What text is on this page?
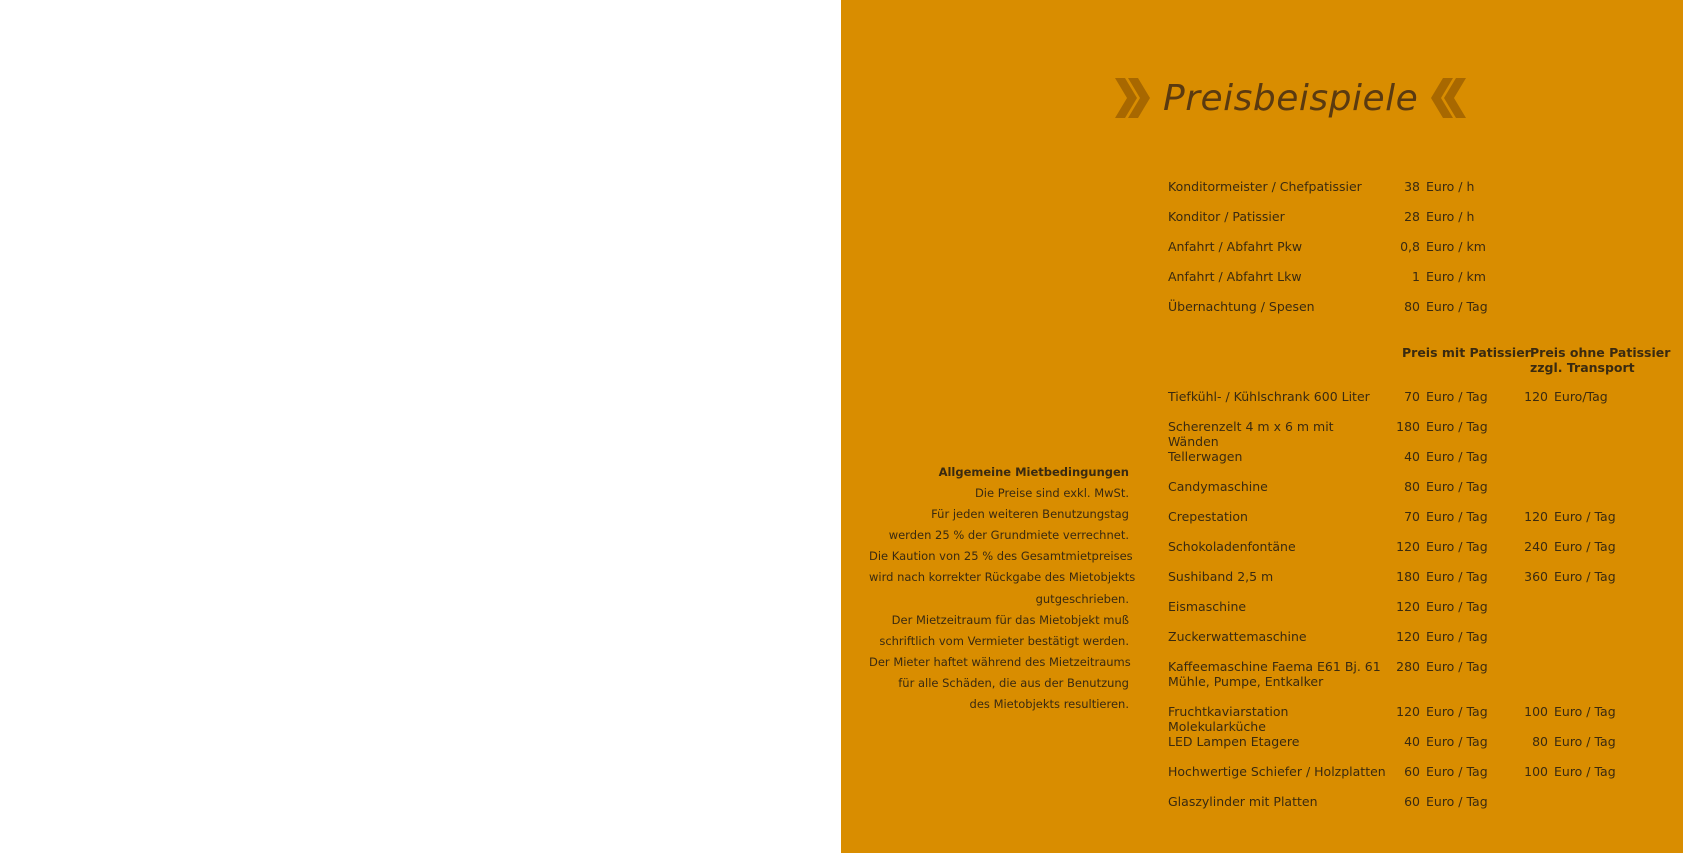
Preisbeispiele
Konditormeister / Chefpatissier	38 Euro / h
Konditor / Patissier	28 Euro / h
Anfahrt / Abfahrt Pkw	0,8 Euro / km
Anfahrt / Abfahrt Lkw	1 Euro / km
Übernachtung / Spesen	80 Euro / Tag
Preis mit Patissier Preis ohne Patissier
zzgl. Transport
Tiefkühl- / Kühlschrank 600 Liter	70 Euro / Tag	120 Euro/Tag
Scherenzelt 4 m x 6 m mit Wänden
180 Euro / Tag
Tellerwagen	40 Euro / Tag
Candymaschine	80 Euro / Tag
Crepestation	70 Euro / Tag	120 Euro / Tag
Schokoladenfontäne	120 Euro / Tag	240 Euro / Tag
Sushiband 2,5 m	180 Euro / Tag	360 Euro / Tag
Eismaschine	120 Euro / Tag
Zuckerwattemaschine	120 Euro / Tag
Kaffeemaschine Faema E61 Bj. 61
Mühle, Pumpe, Entkalker
280 Euro / Tag
Fruchtkaviarstation Molekularküche
120 Euro / Tag	100 Euro / Tag
LED Lampen Etagere	40 Euro / Tag	80 Euro / Tag
Hochwertige Schiefer / Holzplatten	60 Euro / Tag	100 Euro / Tag
Glaszylinder mit Platten	60 Euro / Tag
Allgemeine Mietbedingungen
Die Preise sind exkl. MwSt.
Für jeden weiteren Benutzungstag
werden 25 % der Grundmiete verrechnet.
Die Kaution von 25 % des Gesamtmietpreises
wird nach korrekter Rückgabe des Mietobjekts
gutgeschrieben.
Der Mietzeitraum für das Mietobjekt muß
schriftlich vom Vermieter bestätigt werden.
Der Mieter haftet während des Mietzeitraums
für alle Schäden, die aus der Benutzung
des Mietobjekts resultieren.
